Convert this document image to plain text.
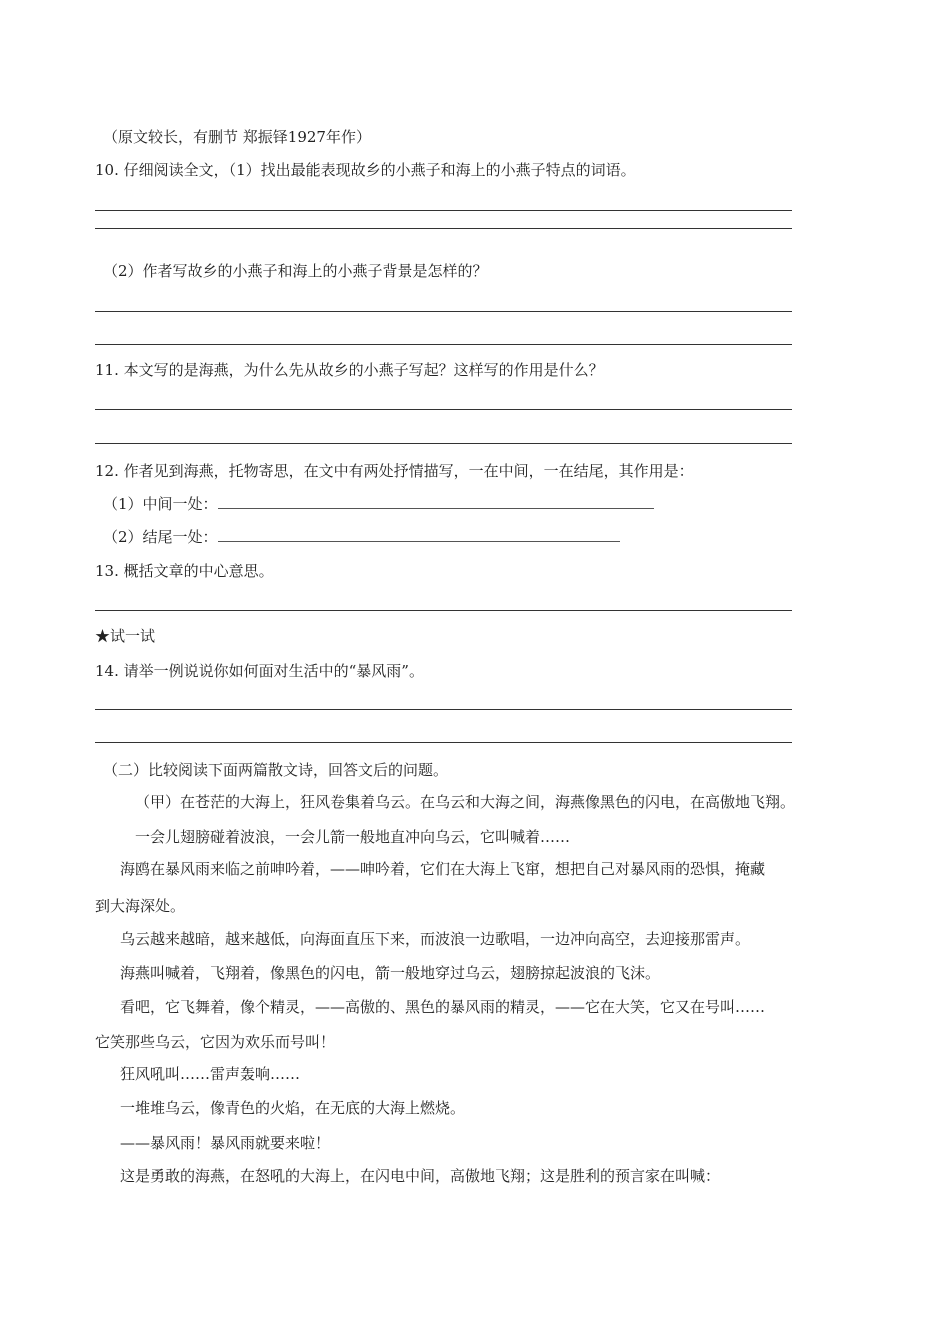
（原文较长，有删节 郑振铎1927年作）
10. 仔细阅读全文，（1）找出最能表现故乡的小燕子和海上的小燕子特点的词语。
（2）作者写故乡的小燕子和海上的小燕子背景是怎样的？
11. 本文写的是海燕，为什么先从故乡的小燕子写起？这样写的作用是什么？
12. 作者见到海燕，托物寄思，在文中有两处抒情描写，一在中间，一在结尾，其作用是：
（1）中间一处：
（2）结尾一处：
13. 概括文章的中心意思。
★试一试
14. 请举一例说说你如何面对生活中的“暴风雨”。
（二）比较阅读下面两篇散文诗，回答文后的问题。
（甲）在苍茫的大海上，狂风卷集着乌云。在乌云和大海之间，海燕像黑色的闪电，在高傲地飞翔。
一会儿翅膀碰着波浪，一会儿箭一般地直冲向乌云，它叫喊着……
海鸥在暴风雨来临之前呻吟着，——呻吟着，它们在大海上飞窜，想把自己对暴风雨的恐惧，掩藏
到大海深处。
乌云越来越暗，越来越低，向海面直压下来，而波浪一边歌唱，一边冲向高空，去迎接那雷声。
海燕叫喊着，飞翔着，像黑色的闪电，箭一般地穿过乌云，翅膀掠起波浪的飞沫。
看吧，它飞舞着，像个精灵，——高傲的、黑色的暴风雨的精灵，——它在大笑，它又在号叫……
它笑那些乌云，它因为欢乐而号叫！
狂风吼叫……雷声轰响……
一堆堆乌云，像青色的火焰，在无底的大海上燃烧。
——暴风雨！暴风雨就要来啦！
这是勇敢的海燕，在怒吼的大海上，在闪电中间，高傲地飞翔；这是胜利的预言家在叫喊：
